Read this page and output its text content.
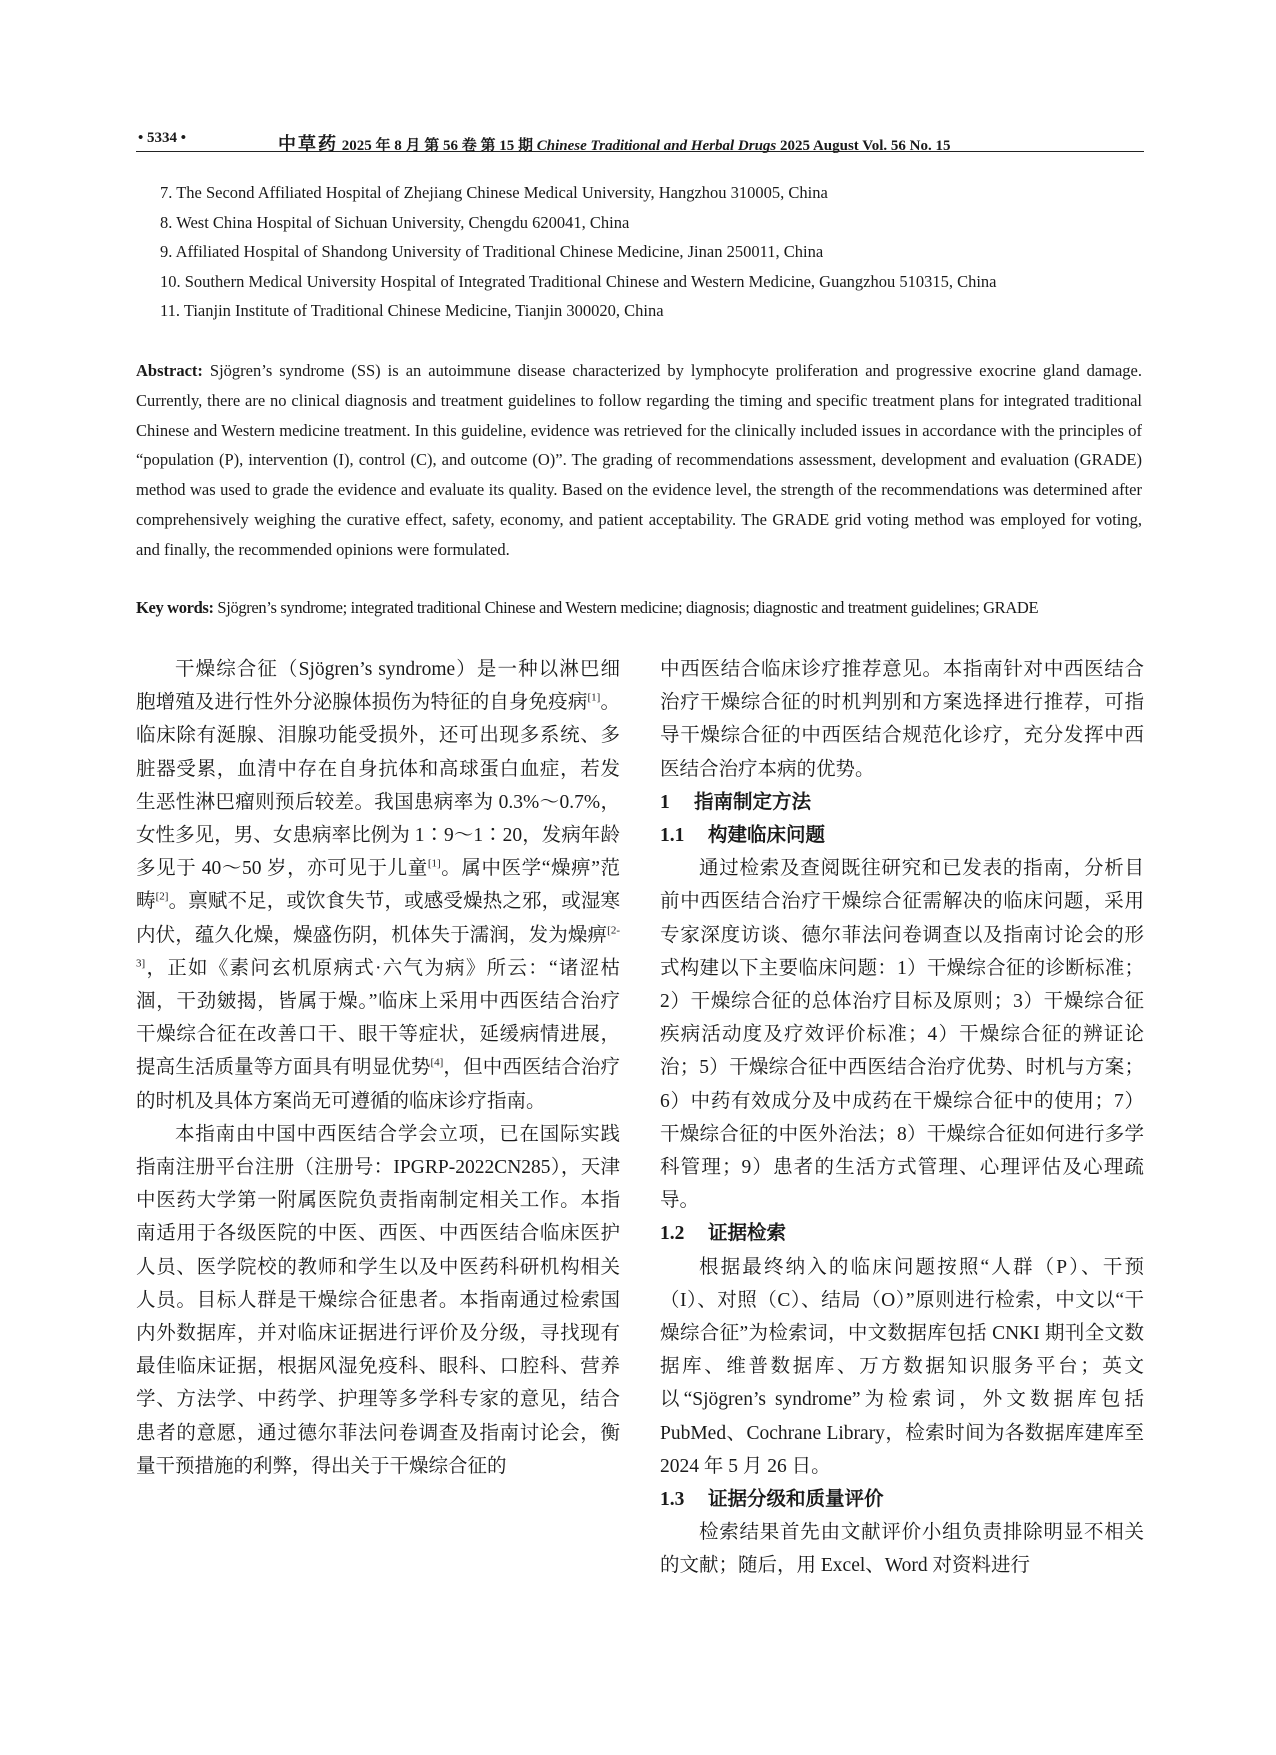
• 5334 •	中草药 2025 年 8 月 第 56 卷 第 15 期 Chinese Traditional and Herbal Drugs 2025 August Vol. 56 No. 15
7. The Second Affiliated Hospital of Zhejiang Chinese Medical University, Hangzhou 310005, China
8. West China Hospital of Sichuan University, Chengdu 620041, China
9. Affiliated Hospital of Shandong University of Traditional Chinese Medicine, Jinan 250011, China
10. Southern Medical University Hospital of Integrated Traditional Chinese and Western Medicine, Guangzhou 510315, China
11. Tianjin Institute of Traditional Chinese Medicine, Tianjin 300020, China
Abstract: Sjögren’s syndrome (SS) is an autoimmune disease characterized by lymphocyte proliferation and progressive exocrine gland damage. Currently, there are no clinical diagnosis and treatment guidelines to follow regarding the timing and specific treatment plans for integrated traditional Chinese and Western medicine treatment. In this guideline, evidence was retrieved for the clinically included issues in accordance with the principles of “population (P), intervention (I), control (C), and outcome (O)”. The grading of recommendations assessment, development and evaluation (GRADE) method was used to grade the evidence and evaluate its quality. Based on the evidence level, the strength of the recommendations was determined after comprehensively weighing the curative effect, safety, economy, and patient acceptability. The GRADE grid voting method was employed for voting, and finally, the recommended opinions were formulated.
Key words: Sjögren’s syndrome; integrated traditional Chinese and Western medicine; diagnosis; diagnostic and treatment guidelines; GRADE

干燥综合征（Sjögren’s syndrome）是一种以淋巴细胞增殖及进行性外分泌腺体损伤为特征的自身免疫病[1]。临床除有涎腺、泪腺功能受损外，还可出现多系统、多脏器受累，血清中存在自身抗体和高球蛋白血症，若发生恶性淋巴瘤则预后较差。我国患病率为 0.3%～0.7%，女性多见，男、女患病率比例为 1∶9～1∶20，发病年龄多见于 40～50 岁，亦可见于儿童[1]。属中医学“燥痹”范畴[2]。禀赋不足，或饮食失节，或感受燥热之邪，或湿寒内伏，蕴久化燥，燥盛伤阴，机体失于濡润，发为燥痹[2-3]，正如《素问玄机原病式·六气为病》所云：“诸涩枯涸，干劲皴揭，皆属于燥。”临床上采用中西医结合治疗干燥综合征在改善口干、眼干等症状，延缓病情进展，提高生活质量等方面具有明显优势[4]，但中西医结合治疗的时机及具体方案尚无可遵循的临床诊疗指南。

本指南由中国中西医结合学会立项，已在国际实践指南注册平台注册（注册号：IPGRP-2022CN285），天津中医药大学第一附属医院负责指南制定相关工作。本指南适用于各级医院的中医、西医、中西医结合临床医护人员、医学院校的教师和学生以及中医药科研机构相关人员。目标人群是干燥综合征患者。本指南通过检索国内外数据库，并对临床证据进行评价及分级，寻找现有最佳临床证据，根据风湿免疫科、眼科、口腔科、营养学、方法学、中药学、护理等多学科专家的意见，结合患者的意愿，通过德尔菲法问卷调查及指南讨论会，衡量干预措施的利弊，得出关于干燥综合征的

中西医结合临床诊疗推荐意见。本指南针对中西医结合治疗干燥综合征的时机判别和方案选择进行推荐，可指导干燥综合征的中西医结合规范化诊疗，充分发挥中西医结合治疗本病的优势。

1 指南制定方法

1.1 构建临床问题

通过检索及查阅既往研究和已发表的指南，分析目前中西医结合治疗干燥综合征需解决的临床问题，采用专家深度访谈、德尔菲法问卷调查以及指南讨论会的形式构建以下主要临床问题：1）干燥综合征的诊断标准；2）干燥综合征的总体治疗目标及原则；3）干燥综合征疾病活动度及疗效评价标准；4）干燥综合征的辨证论治；5）干燥综合征中西医结合治疗优势、时机与方案；6）中药有效成分及中成药在干燥综合征中的使用；7）干燥综合征的中医外治法；8）干燥综合征如何进行多学科管理；9）患者的生活方式管理、心理评估及心理疏导。

1.2 证据检索

根据最终纳入的临床问题按照“人群（P）、干预（I）、对照（C）、结局（O）”原则进行检索，中文以“干燥综合征”为检索词，中文数据库包括 CNKI 期刊全文数据库、维普数据库、万方数据知识服务平台；英文以“Sjögren’s syndrome”为检索词，外文数据库包括 PubMed、Cochrane Library，检索时间为各数据库建库至 2024 年 5 月 26 日。

1.3 证据分级和质量评价

检索结果首先由文献评价小组负责排除明显不相关的文献；随后，用 Excel、Word 对资料进行
